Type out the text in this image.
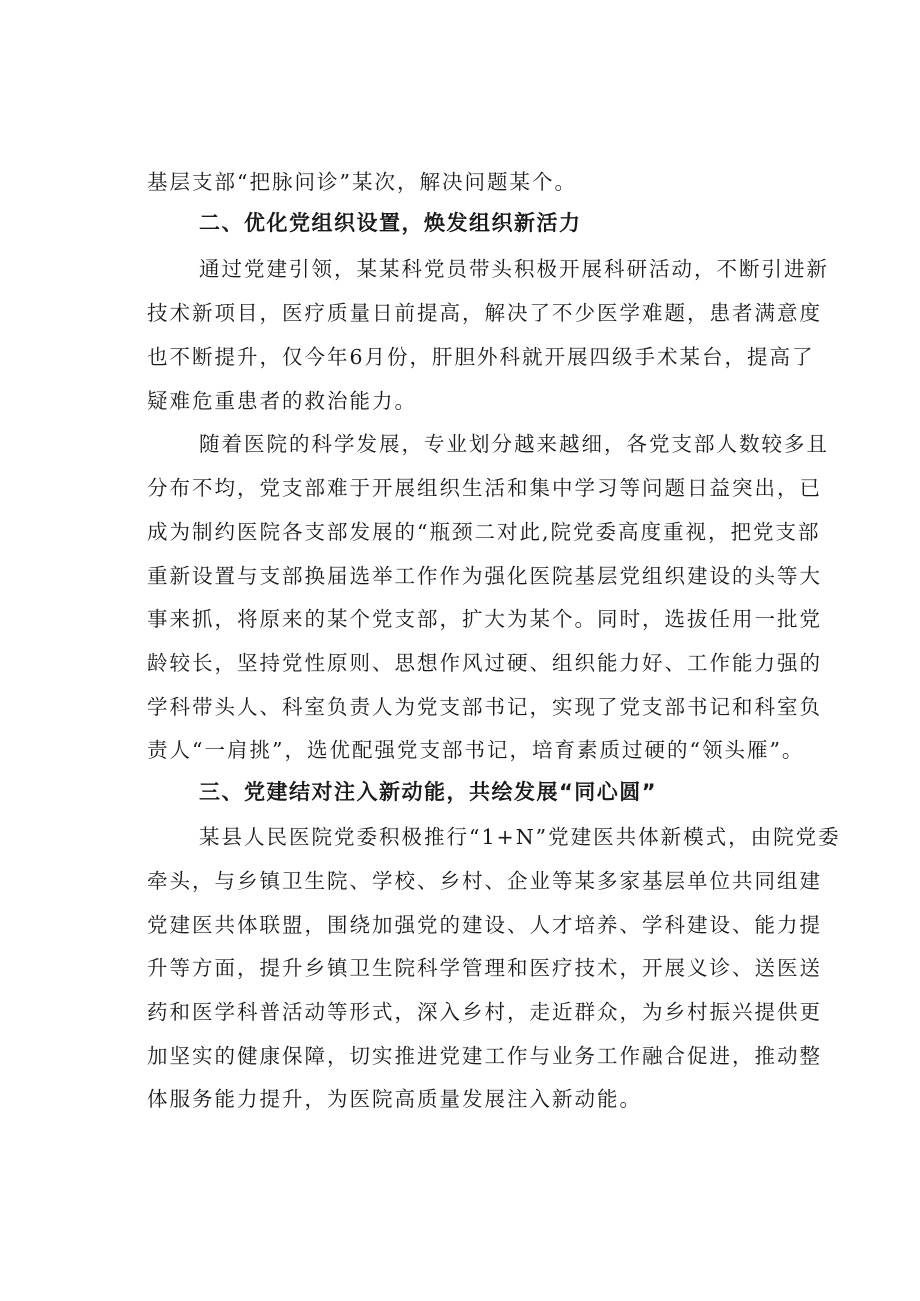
基层支部“把脉问诊”某次，解决问题某个。
二、优化党组织设置，焕发组织新活力
通过党建引领，某某科党员带头积极开展科研活动，不断引进新
技术新项目，医疗质量日前提高，解决了不少医学难题，患者满意度
也不断提升，仅今年6月份，肝胆外科就开展四级手术某台，提高了
疑难危重患者的救治能力。
随着医院的科学发展，专业划分越来越细，各党支部人数较多且
分布不均，党支部难于开展组织生活和集中学习等问题日益突出，已
成为制约医院各支部发展的“瓶颈二对此,院党委高度重视，把党支部
重新设置与支部换届选举工作作为强化医院基层党组织建设的头等大
事来抓，将原来的某个党支部，扩大为某个。同时，选拔任用一批党
龄较长，坚持党性原则、思想作风过硬、组织能力好、工作能力强的
学科带头人、科室负责人为党支部书记，实现了党支部书记和科室负
责人“一肩挑”，选优配强党支部书记，培育素质过硬的“领头雁”。
三、党建结对注入新动能，共绘发展“同心圆”
某县人民医院党委积极推行“1+N”党建医共体新模式，由院党委
牵头，与乡镇卫生院、学校、乡村、企业等某多家基层单位共同组建
党建医共体联盟，围绕加强党的建设、人才培养、学科建设、能力提
升等方面，提升乡镇卫生院科学管理和医疗技术，开展义诊、送医送
药和医学科普活动等形式，深入乡村，走近群众，为乡村振兴提供更
加坚实的健康保障，切实推进党建工作与业务工作融合促进，推动整
体服务能力提升，为医院高质量发展注入新动能。
